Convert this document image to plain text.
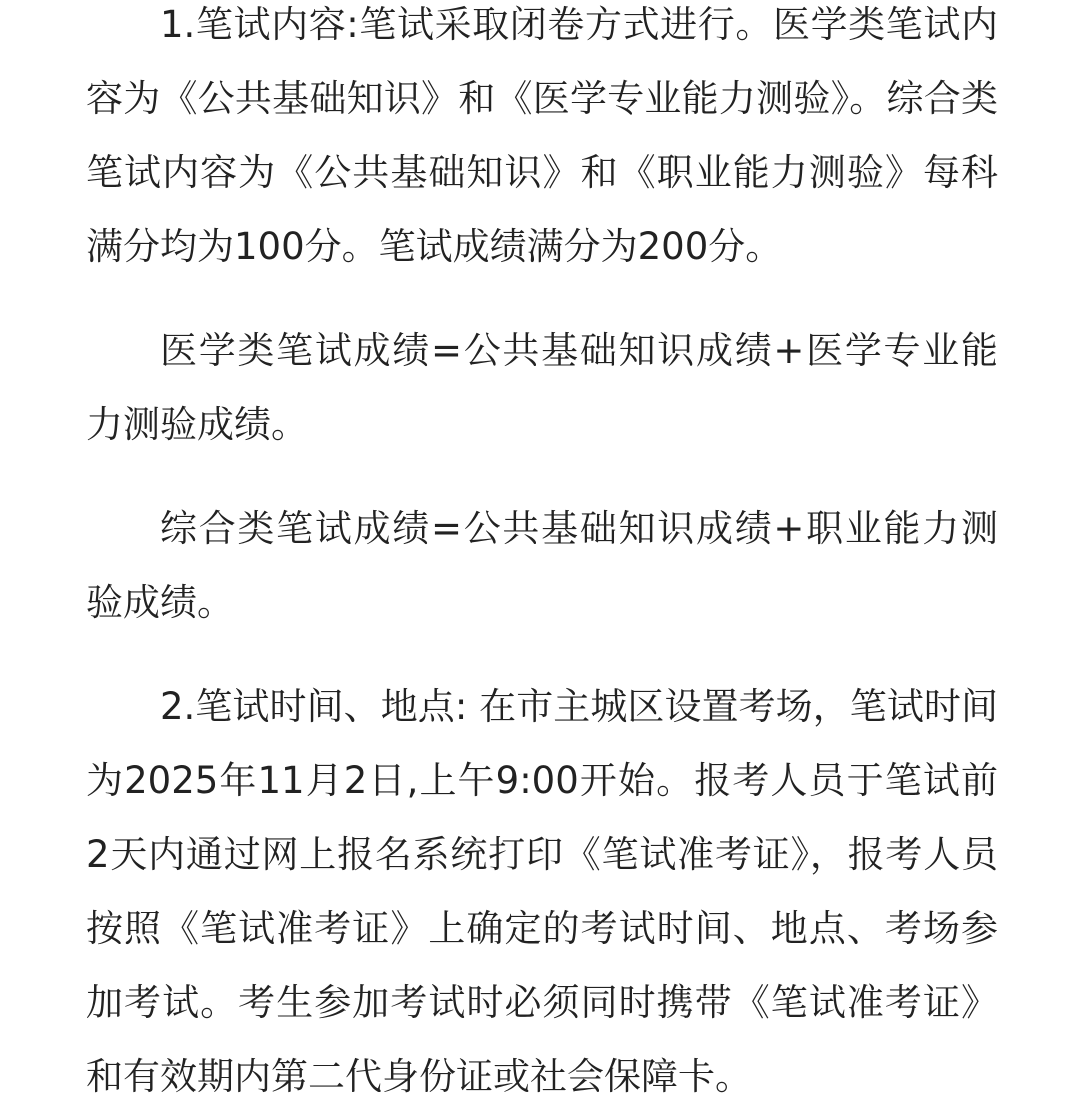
1.笔试内容:笔试采取闭卷方式进行。医学类笔试内容为《公共基础知识》和《医学专业能力测验》。综合类笔试内容为《公共基础知识》和《职业能力测验》每科满分均为100分。笔试成绩满分为200分。

医学类笔试成绩=公共基础知识成绩+医学专业能力测验成绩。

综合类笔试成绩=公共基础知识成绩+职业能力测验成绩。

2.笔试时间、地点: 在市主城区设置考场，笔试时间为2025年11月2日,上午9:00开始。报考人员于笔试前2天内通过网上报名系统打印《笔试准考证》，报考人员按照《笔试准考证》上确定的考试时间、地点、考场参加考试。考生参加考试时必须同时携带《笔试准考证》和有效期内第二代身份证或社会保障卡。
